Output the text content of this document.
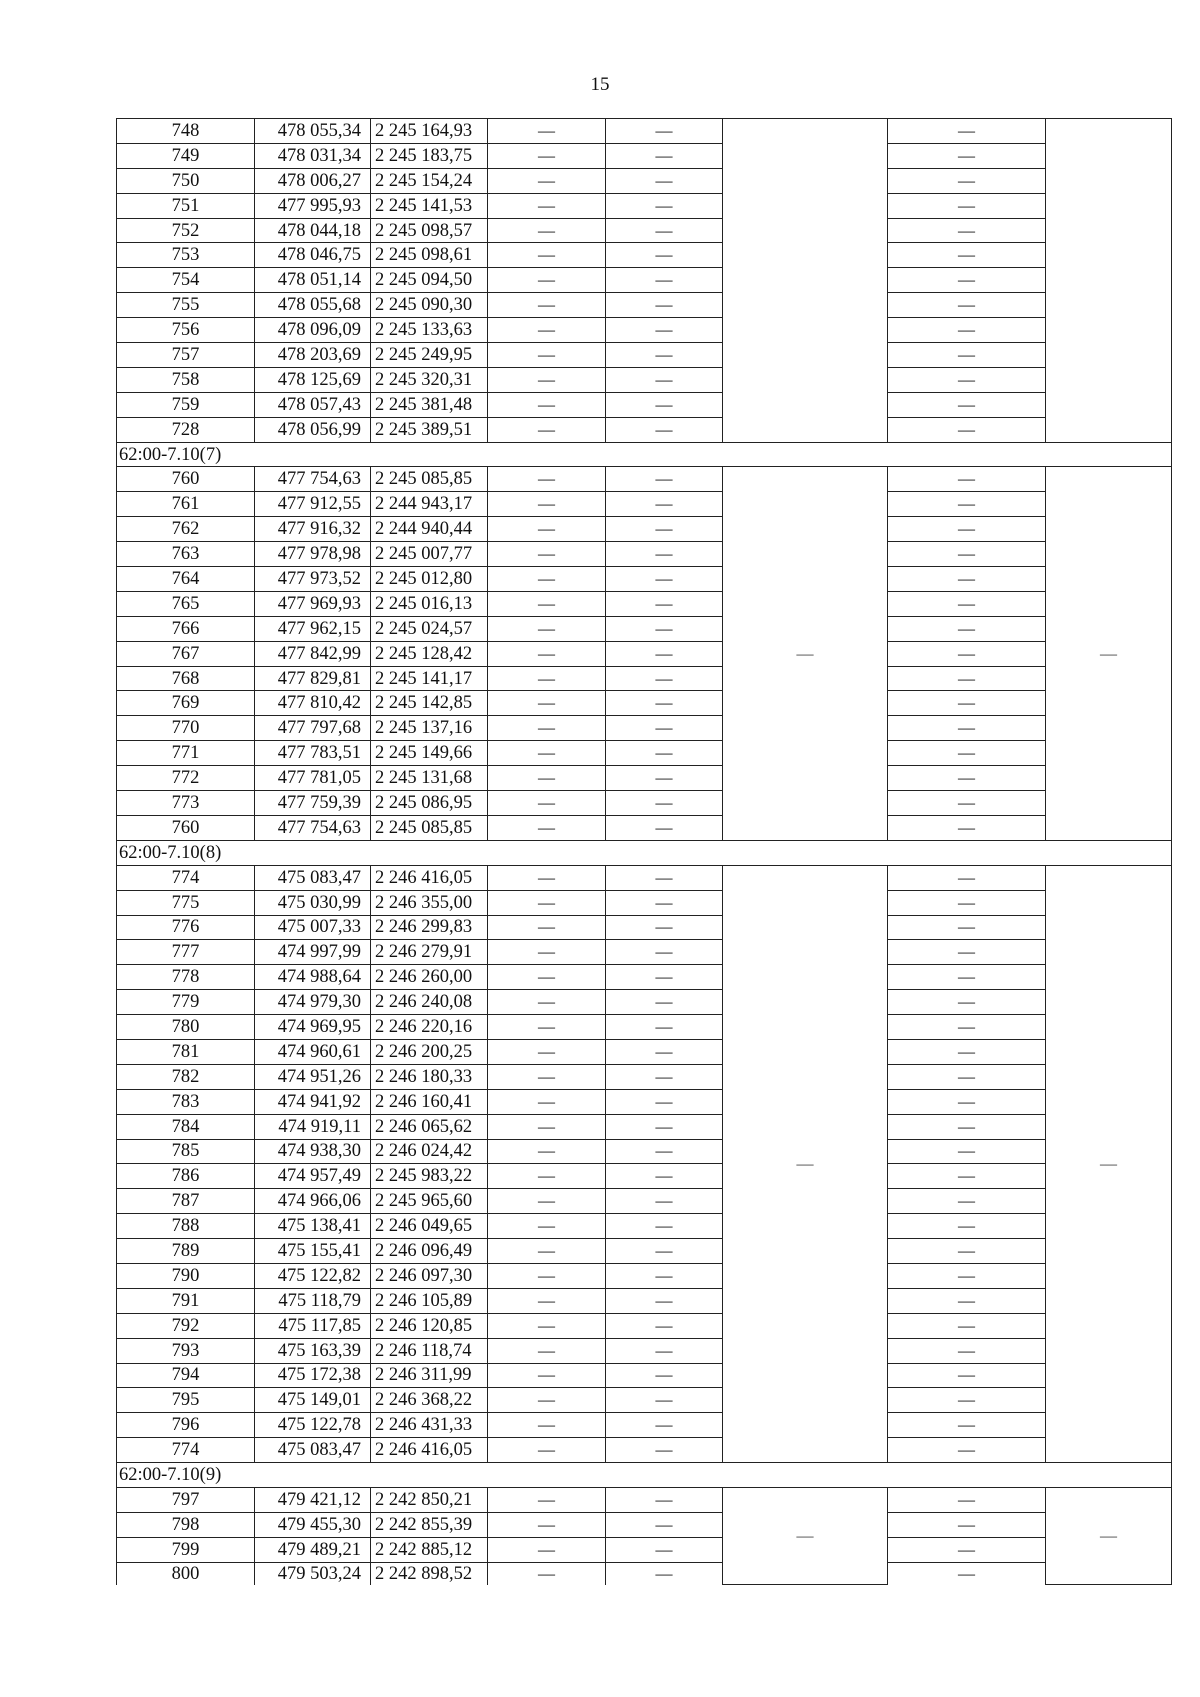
15
748	478 055,34	2 245 164,93	—	—		—	
749	478 031,34	2 245 183,75	—	—		—	
750	478 006,27	2 245 154,24	—	—		—	
751	477 995,93	2 245 141,53	—	—		—	
752	478 044,18	2 245 098,57	—	—		—	
753	478 046,75	2 245 098,61	—	—		—	
754	478 051,14	2 245 094,50	—	—		—	
755	478 055,68	2 245 090,30	—	—		—	
756	478 096,09	2 245 133,63	—	—		—	
757	478 203,69	2 245 249,95	—	—		—	
758	478 125,69	2 245 320,31	—	—		—	
759	478 057,43	2 245 381,48	—	—		—	
728	478 056,99	2 245 389,51	—	—		—	
62:00-7.10(7)							
760	477 754,63	2 245 085,85	—	—	—	—	—
761	477 912,55	2 244 943,17	—	—		—	
762	477 916,32	2 244 940,44	—	—		—	
763	477 978,98	2 245 007,77	—	—		—	
764	477 973,52	2 245 012,80	—	—		—	
765	477 969,93	2 245 016,13	—	—		—	
766	477 962,15	2 245 024,57	—	—		—	
767	477 842,99	2 245 128,42	—	—		—	
768	477 829,81	2 245 141,17	—	—		—	
769	477 810,42	2 245 142,85	—	—		—	
770	477 797,68	2 245 137,16	—	—		—	
771	477 783,51	2 245 149,66	—	—		—	
772	477 781,05	2 245 131,68	—	—		—	
773	477 759,39	2 245 086,95	—	—		—	
760	477 754,63	2 245 085,85	—	—		—	
62:00-7.10(8)							
774	475 083,47	2 246 416,05	—	—	—	—	—
775	475 030,99	2 246 355,00	—	—		—	
776	475 007,33	2 246 299,83	—	—		—	
777	474 997,99	2 246 279,91	—	—		—	
778	474 988,64	2 246 260,00	—	—		—	
779	474 979,30	2 246 240,08	—	—		—	
780	474 969,95	2 246 220,16	—	—		—	
781	474 960,61	2 246 200,25	—	—		—	
782	474 951,26	2 246 180,33	—	—		—	
783	474 941,92	2 246 160,41	—	—		—	
784	474 919,11	2 246 065,62	—	—		—	
785	474 938,30	2 246 024,42	—	—		—	
786	474 957,49	2 245 983,22	—	—		—	
787	474 966,06	2 245 965,60	—	—		—	
788	475 138,41	2 246 049,65	—	—		—	
789	475 155,41	2 246 096,49	—	—		—	
790	475 122,82	2 246 097,30	—	—		—	
791	475 118,79	2 246 105,89	—	—		—	
792	475 117,85	2 246 120,85	—	—		—	
793	475 163,39	2 246 118,74	—	—		—	
794	475 172,38	2 246 311,99	—	—		—	
795	475 149,01	2 246 368,22	—	—		—	
796	475 122,78	2 246 431,33	—	—		—	
774	475 083,47	2 246 416,05	—	—		—	
62:00-7.10(9)							
797	479 421,12	2 242 850,21	—	—	—	—	—
798	479 455,30	2 242 855,39	—	—		—	
799	479 489,21	2 242 885,12	—	—		—	
800	479 503,24	2 242 898,52	—	—		—	
